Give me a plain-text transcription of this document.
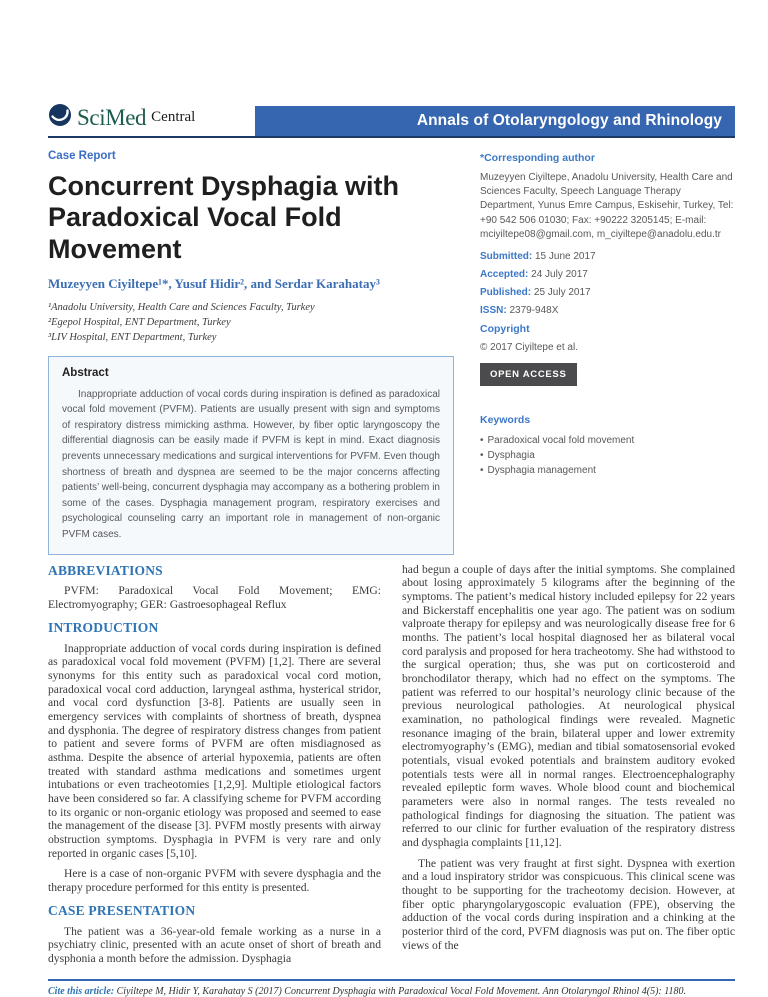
SciMed Central	Annals of Otolaryngology and Rhinology
Case Report
Concurrent Dysphagia with Paradoxical Vocal Fold Movement
Muzeyyen Ciyiltepe¹*, Yusuf Hidir², and Serdar Karahatay³
¹Anadolu University, Health Care and Sciences Faculty, Turkey
²Egepol Hospital, ENT Department, Turkey
³LIV Hospital, ENT Department, Turkey
Abstract

Inappropriate adduction of vocal cords during inspiration is defined as paradoxical vocal fold movement (PVFM). Patients are usually present with sign and symptoms of respiratory distress mimicking asthma. However, by fiber optic laryngoscopy the differential diagnosis can be easily made if PVFM is kept in mind. Exact diagnosis prevents unnecessary medications and surgical interventions for PVFM. Even though shortness of breath and dyspnea are seemed to be the major concerns affecting patients’ well-being, concurrent dysphagia may accompany as a bothering problem in some of the cases. Dysphagia management program, respiratory exercises and psychological counseling carry an important role in management of non-organic PVFM cases.

*Corresponding author

Muzeyyen Ciyiltepe, Anadolu University, Health Care and Sciences Faculty, Speech Language Therapy Department, Yunus Emre Campus, Eskisehir, Turkey, Tel: +90 542 506 01030; Fax: +90222 3205145; E-mail: mciyiltepe08@gmail.com, m_ciyiltepe@anadolu.edu.tr

Submitted: 15 June 2017
Accepted: 24 July 2017
Published: 25 July 2017
ISSN: 2379-948X
Copyright

© 2017 Ciyiltepe et al.

OPEN ACCESS
Keywords
• Paradoxical vocal fold movement
• Dysphagia
• Dysphagia management
ABBREVIATIONS

PVFM: Paradoxical Vocal Fold Movement; EMG: Electromyography; GER: Gastroesophageal Reflux

INTRODUCTION

Inappropriate adduction of vocal cords during inspiration is defined as paradoxical vocal fold movement (PVFM) [1,2]. There are several synonyms for this entity such as paradoxical vocal cord motion, paradoxical vocal cord adduction, laryngeal asthma, hysterical stridor, and vocal cord dysfunction [3-8]. Patients are usually seen in emergency services with complaints of shortness of breath, dyspnea and dysphonia. The degree of respiratory distress changes from patient to patient and severe forms of PVFM are often misdiagnosed as asthma. Despite the absence of arterial hypoxemia, patients are often treated with standard asthma medications and sometimes urgent intubations or even tracheotomies [1,2,9]. Multiple etiological factors have been considered so far. A classifying scheme for PVFM according to its organic or non-organic etiology was proposed and seemed to ease the management of the disease [3]. PVFM mostly presents with airway obstruction symptoms. Dysphagia in PVFM is very rare and only reported in organic cases [5,10].

Here is a case of non-organic PVFM with severe dysphagia and the therapy procedure performed for this entity is presented.

CASE PRESENTATION

The patient was a 36-year-old female working as a nurse in a psychiatry clinic, presented with an acute onset of short of breath and dysphonia a month before the admission. Dysphagia

had begun a couple of days after the initial symptoms. She complained about losing approximately 5 kilograms after the beginning of the symptoms. The patient’s medical history included epilepsy for 22 years and Bickerstaff encephalitis one year ago. The patient was on sodium valproate therapy for epilepsy and was neurologically disease free for 6 months. The patient’s local hospital diagnosed her as bilateral vocal cord paralysis and proposed for hera tracheotomy. She had withstood to the surgical operation; thus, she was put on corticosteroid and bronchodilator therapy, which had no effect on the symptoms. The patient was referred to our hospital’s neurology clinic because of the previous neurological pathologies. At neurological physical examination, no pathological findings were revealed. Magnetic resonance imaging of the brain, bilateral upper and lower extremity electromyography’s (EMG), median and tibial somatosensorial evoked potentials, visual evoked potentials and brainstem auditory evoked potentials tests were all in normal ranges. Electroencephalography revealed epileptic form waves. Whole blood count and biochemical parameters were also in normal ranges. The tests revealed no pathological findings for diagnosing the situation. The patient was referred to our clinic for further evaluation of the respiratory distress and dysphagia complaints [11,12].

The patient was very fraught at first sight. Dyspnea with exertion and a loud inspiratory stridor was conspicuous. This clinical scene was thought to be supporting for the tracheotomy decision. However, at fiber optic pharyngolarygoscopic evaluation (FPE), observing the adduction of the vocal cords during inspiration and a chinking at the posterior third of the cord, PVFM diagnosis was put on. The fiber optic views of the

Cite this article: Ciyiltepe M, Hidir Y, Karahatay S (2017) Concurrent Dysphagia with Paradoxical Vocal Fold Movement. Ann Otolaryngol Rhinol 4(5): 1180.
